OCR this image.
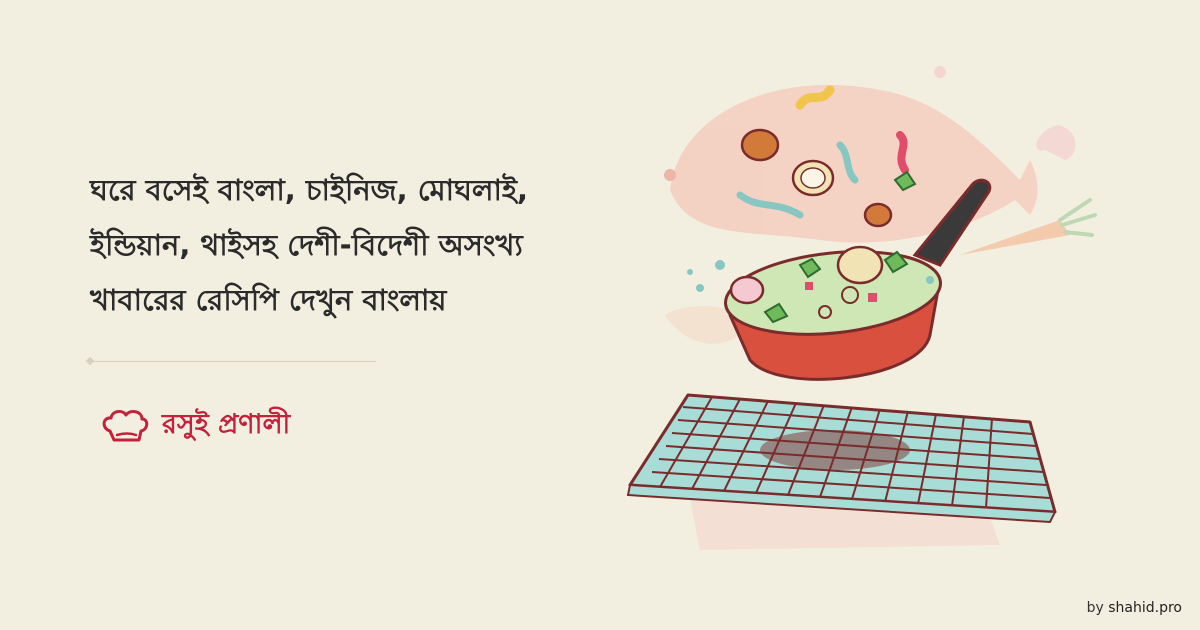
ঘরে বসেই বাংলা, চাইনিজ, মোঘলাই,
ইন্ডিয়ান, থাইসহ দেশী-বিদেশী অসংখ্য
খাবারের রেসিপি দেখুন বাংলায়
রসুই প্রণালী
by shahid.pro
